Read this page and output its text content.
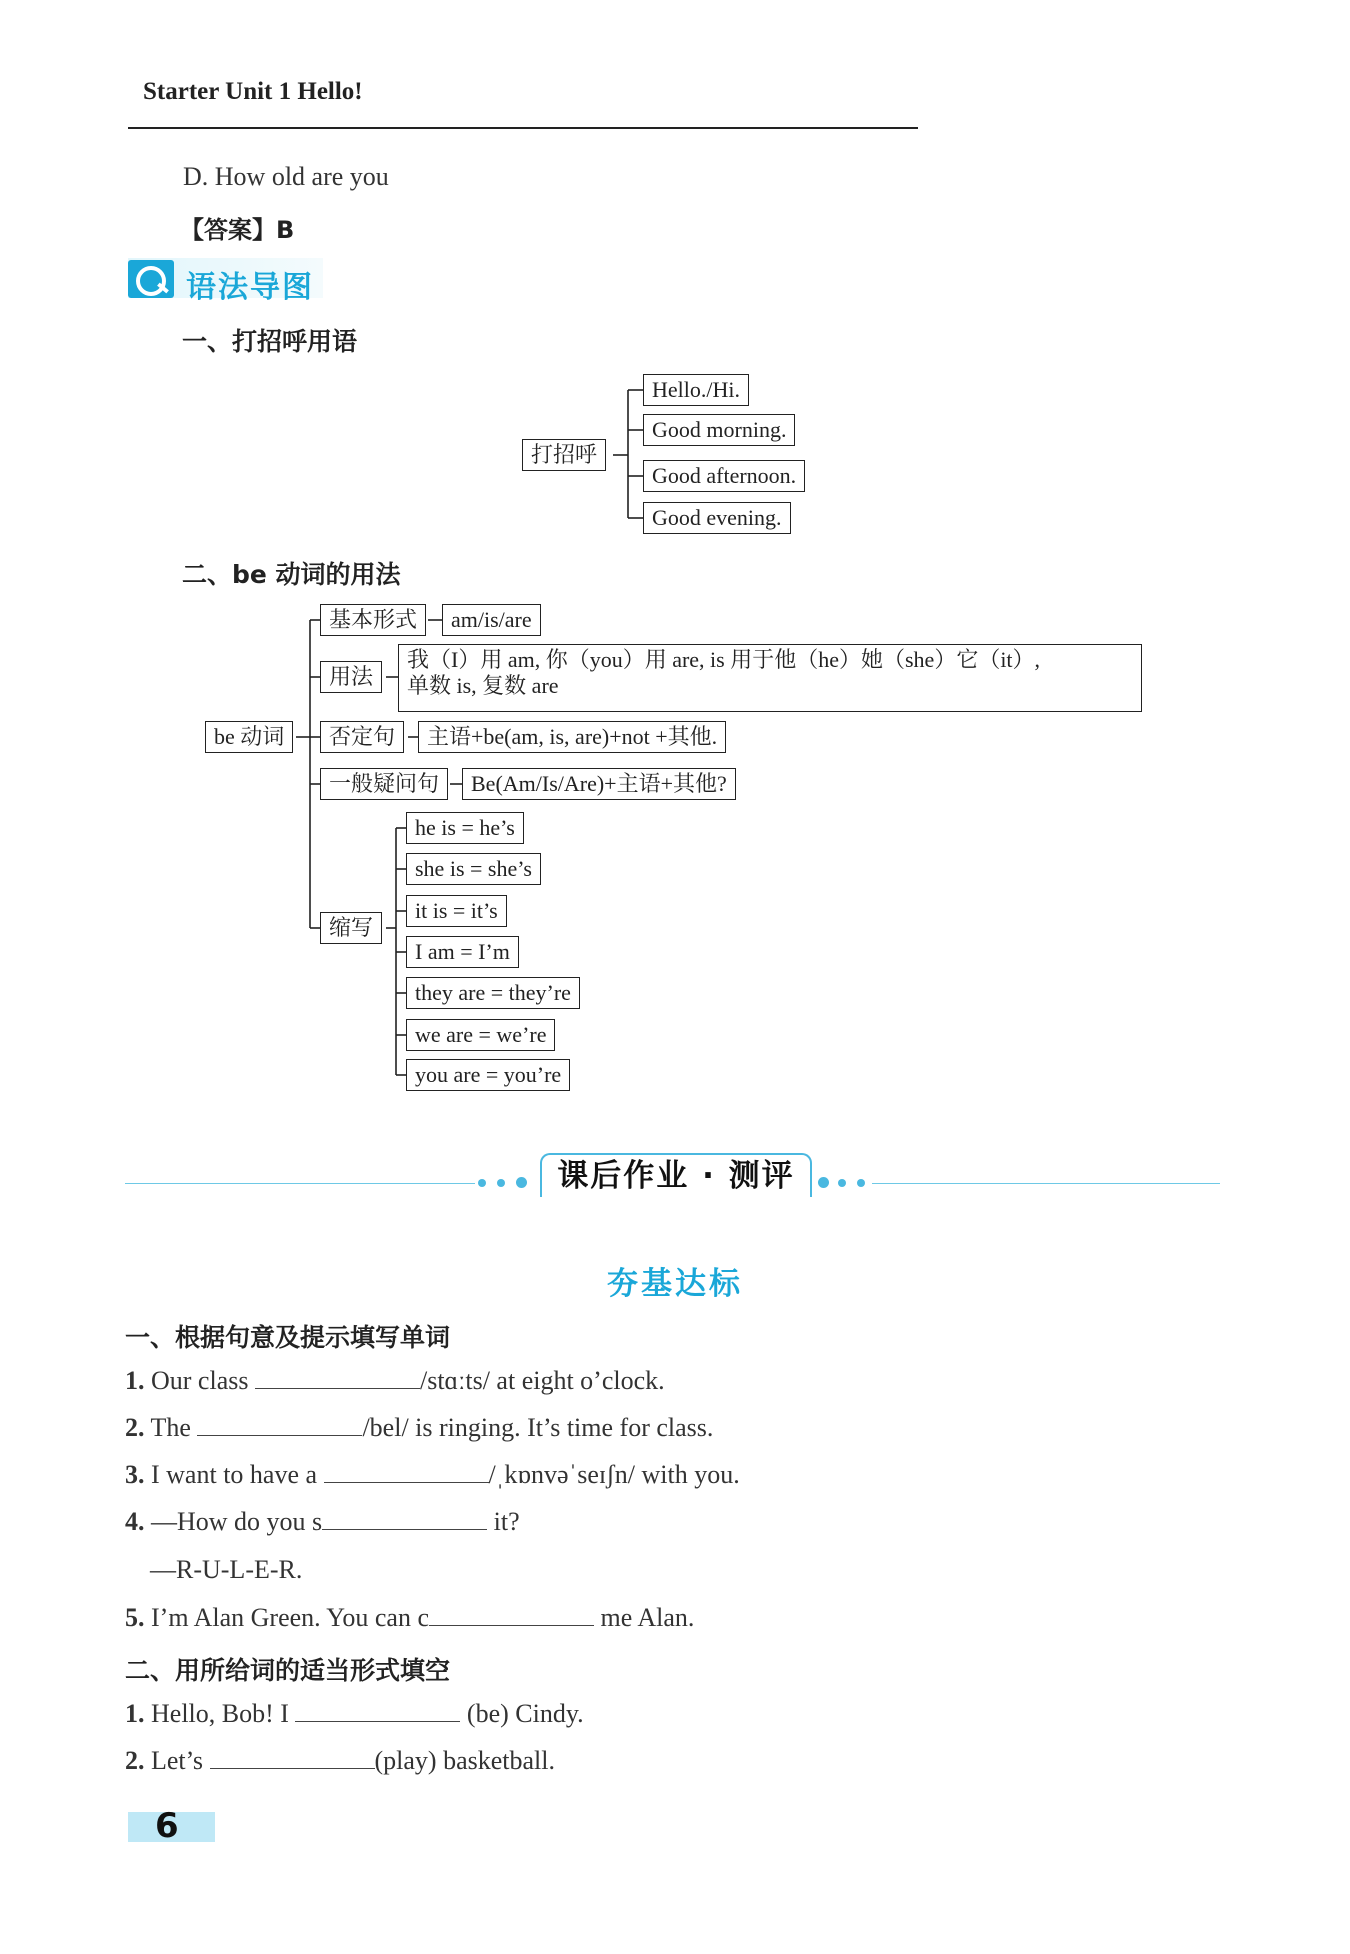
Starter Unit 1 Hello!
D. How old are you
【答案】B
语法导图
一、打招呼用语
打招呼
Hello./Hi.
Good morning.
Good afternoon.
Good evening.
二、be 动词的用法
be 动词
基本形式	am/is/are
用法
我（I）用 am, 你（you）用 are, is 用于他（he）她（she）它（it）,
单数 is, 复数 are
否定句	主语+be(am, is, are)+not +其他.
一般疑问句	Be(Am/Is/Are)+主语+其他?
缩写
he is = he’s
she is = she’s
it is = it’s
I am = I’m
they are = they’re
we are = we’re
you are = you’re
课后作业 · 测评
夯基达标
一、根据句意及提示填写单词
1. Our class	/stɑːts/ at eight o’clock.
2. The	/bel/ is ringing. It’s time for class.
3. I want to have a	/ˌkɒnvəˈseɪʃn/ with you.
4. —How do you s	it?
—R-U-L-E-R.
5. I’m Alan Green. You can c	me Alan.
二、用所给词的适当形式填空
1. Hello, Bob! I	(be) Cindy.
2. Let’s	(play) basketball.
6
